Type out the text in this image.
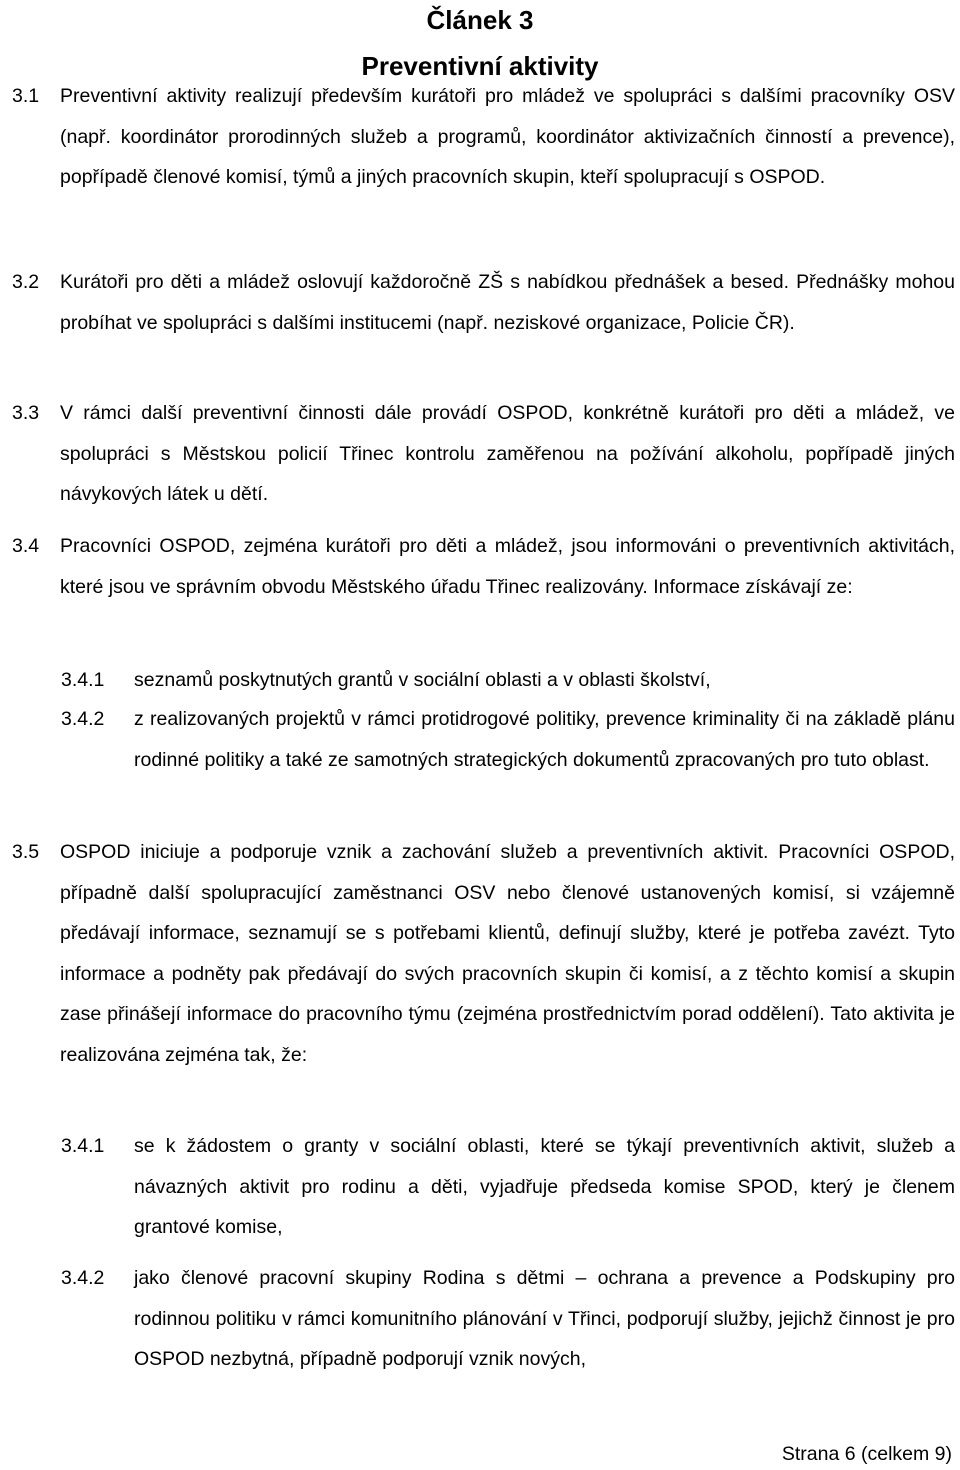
Článek 3
Preventivní aktivity
3.1 Preventivní aktivity realizují především kurátoři pro mládež ve spolupráci s dalšími pracovníky OSV (např. koordinátor prorodinných služeb a programů, koordinátor aktivizačních činností a prevence), popřípadě členové komisí, týmů a jiných pracovních skupin, kteří spolupracují s OSPOD.
3.2 Kurátoři pro děti a mládež oslovují každoročně ZŠ s nabídkou přednášek a besed. Přednášky mohou probíhat ve spolupráci s dalšími institucemi (např. neziskové organizace, Policie ČR).
3.3 V rámci další preventivní činnosti dále provádí OSPOD, konkrétně kurátoři pro děti a mládež, ve spolupráci s Městskou policií Třinec kontrolu zaměřenou na požívání alkoholu, popřípadě jiných návykových látek u dětí.
3.4 Pracovníci OSPOD, zejména kurátoři pro děti a mládež, jsou informováni o preventivních aktivitách, které jsou ve správním obvodu Městského úřadu Třinec realizovány. Informace získávají ze:
3.4.1 seznamů poskytnutých grantů v sociální oblasti a v oblasti školství,
3.4.2 z realizovaných projektů v rámci protidrogové politiky, prevence kriminality či na základě plánu rodinné politiky a také ze samotných strategických dokumentů zpracovaných pro tuto oblast.
3.5 OSPOD iniciuje a podporuje vznik a zachování služeb a preventivních aktivit. Pracovníci OSPOD, případně další spolupracující zaměstnanci OSV nebo členové ustanovených komisí, si vzájemně předávají informace, seznamují se s potřebami klientů, definují služby, které je potřeba zavézt. Tyto informace a podněty pak předávají do svých pracovních skupin či komisí, a z těchto komisí a skupin zase přinášejí informace do pracovního týmu (zejména prostřednictvím porad oddělení). Tato aktivita je realizována zejména tak, že:
3.4.1 se k žádostem o granty v sociální oblasti, které se týkají preventivních aktivit, služeb a návazných aktivit pro rodinu a děti, vyjadřuje předseda komise SPOD, který je členem grantové komise,
3.4.2 jako členové pracovní skupiny Rodina s dětmi – ochrana a prevence a Podskupiny pro rodinnou politiku v rámci komunitního plánování v Třinci, podporují služby, jejichž činnost je pro OSPOD nezbytná, případně podporují vznik nových,
Strana 6 (celkem 9)
